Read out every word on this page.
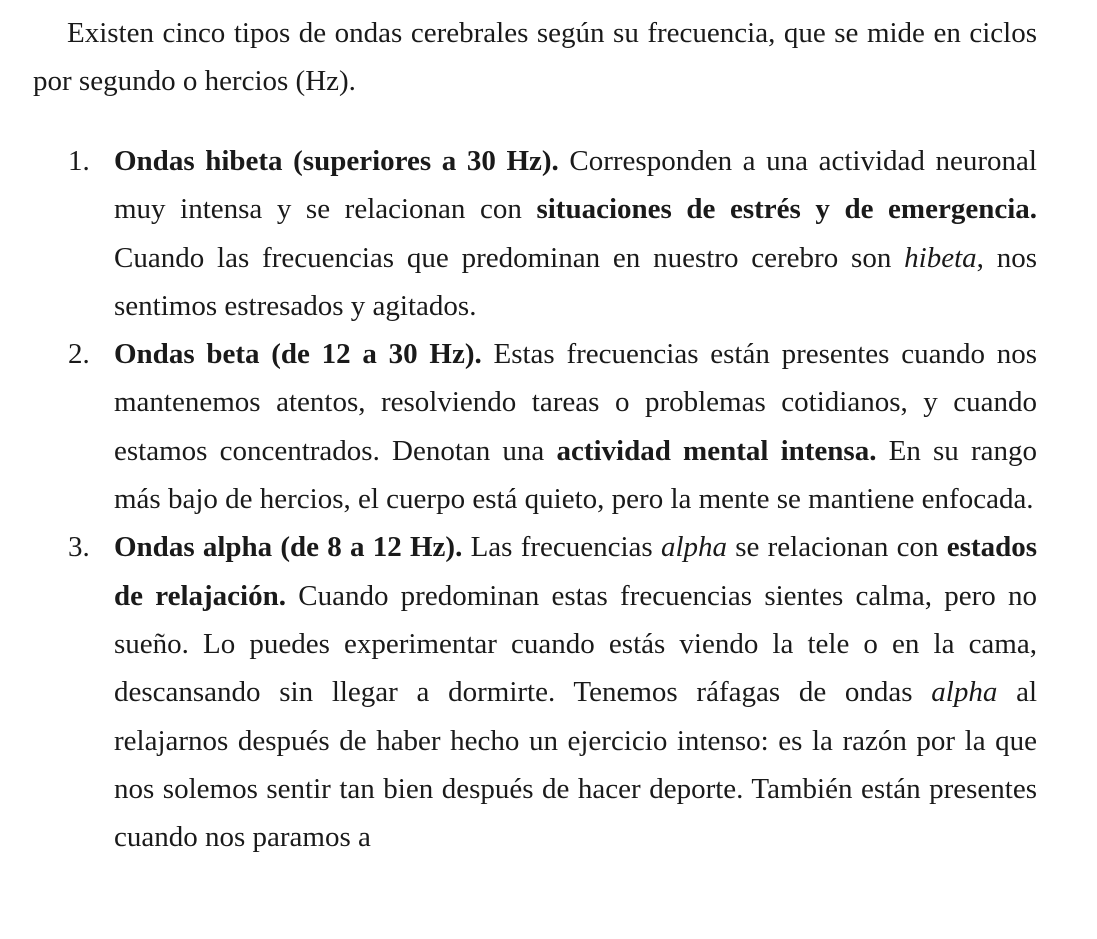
Existen cinco tipos de ondas cerebrales según su frecuencia, que se mide en ciclos por segundo o hercios (Hz).

1. Ondas hibeta (superiores a 30 Hz). Corresponden a una actividad neuronal muy intensa y se relacionan con situaciones de estrés y de emergencia. Cuando las frecuencias que predominan en nuestro cerebro son hibeta, nos sentimos estresados y agitados.
2. Ondas beta (de 12 a 30 Hz). Estas frecuencias están presentes cuando nos mantenemos atentos, resolviendo tareas o problemas cotidianos, y cuando estamos concentrados. Denotan una actividad mental intensa. En su rango más bajo de hercios, el cuerpo está quieto, pero la mente se mantiene enfocada.
3. Ondas alpha (de 8 a 12 Hz). Las frecuencias alpha se relacionan con estados de relajación. Cuando predominan estas frecuencias sientes calma, pero no sueño. Lo puedes experimentar cuando estás viendo la tele o en la cama, descansando sin llegar a dormirte. Tenemos ráfagas de ondas alpha al relajarnos después de haber hecho un ejercicio intenso: es la razón por la que nos solemos sentir tan bien después de hacer deporte. También están presentes cuando nos paramos a
